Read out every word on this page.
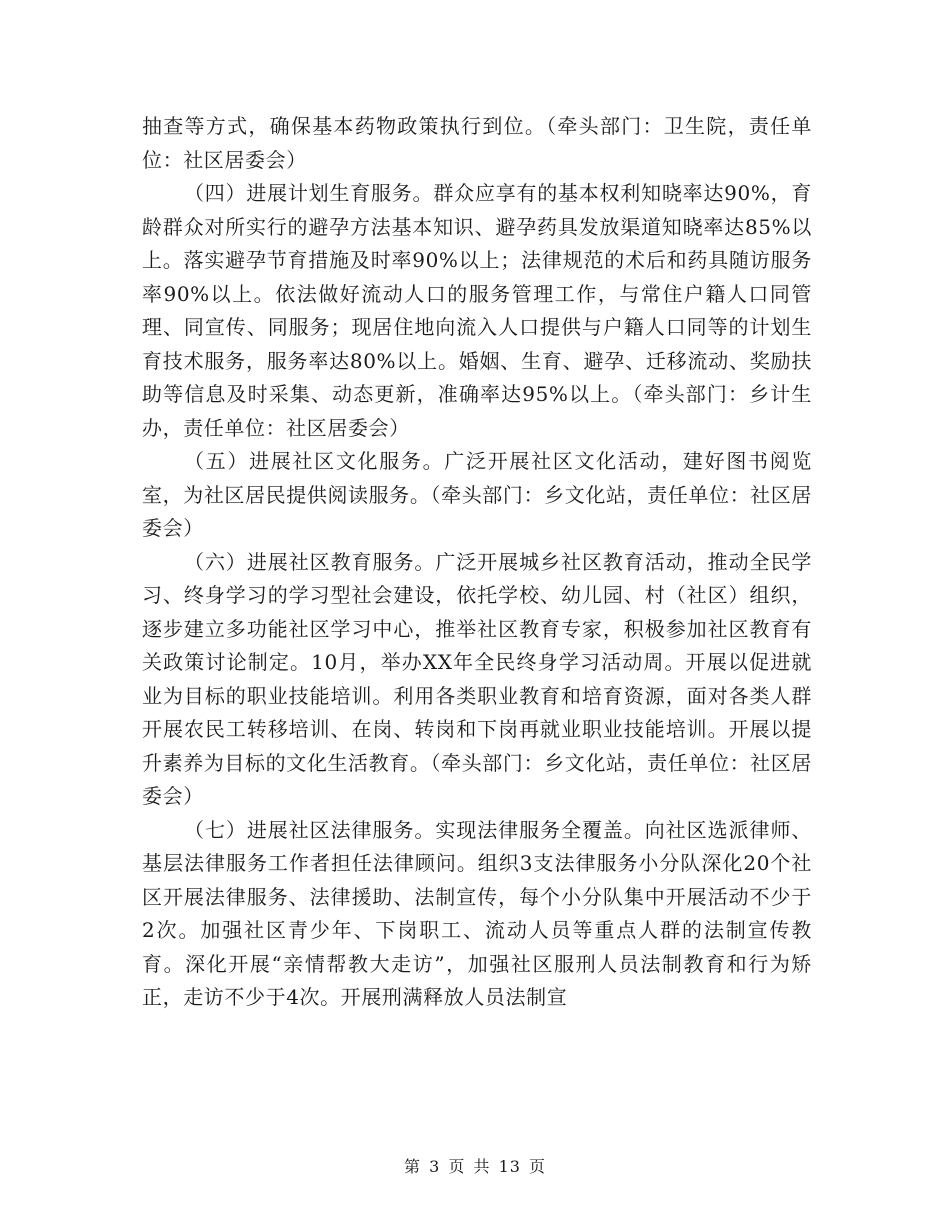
抽查等方式，确保基本药物政策执行到位。（牵头部门：卫生院，责任单位：社区居委会）

（四）进展计划生育服务。群众应享有的基本权利知晓率达90%，育龄群众对所实行的避孕方法基本知识、避孕药具发放渠道知晓率达85%以上。落实避孕节育措施及时率90%以上；法律规范的术后和药具随访服务率90%以上。依法做好流动人口的服务管理工作，与常住户籍人口同管理、同宣传、同服务；现居住地向流入人口提供与户籍人口同等的计划生育技术服务，服务率达80%以上。婚姻、生育、避孕、迁移流动、奖励扶助等信息及时采集、动态更新，准确率达95%以上。（牵头部门：乡计生办，责任单位：社区居委会）

（五）进展社区文化服务。广泛开展社区文化活动，建好图书阅览室，为社区居民提供阅读服务。（牵头部门：乡文化站，责任单位：社区居委会）

（六）进展社区教育服务。广泛开展城乡社区教育活动，推动全民学习、终身学习的学习型社会建设，依托学校、幼儿园、村（社区）组织，逐步建立多功能社区学习中心，推举社区教育专家，积极参加社区教育有关政策讨论制定。10月，举办XX年全民终身学习活动周。开展以促进就业为目标的职业技能培训。利用各类职业教育和培育资源，面对各类人群开展农民工转移培训、在岗、转岗和下岗再就业职业技能培训。开展以提升素养为目标的文化生活教育。（牵头部门：乡文化站，责任单位：社区居委会）

（七）进展社区法律服务。实现法律服务全覆盖。向社区选派律师、基层法律服务工作者担任法律顾问。组织3支法律服务小分队深化20个社区开展法律服务、法律援助、法制宣传，每个小分队集中开展活动不少于2次。加强社区青少年、下岗职工、流动人员等重点人群的法制宣传教育。深化开展“亲情帮教大走访”，加强社区服刑人员法制教育和行为矫正，走访不少于4次。开展刑满释放人员法制宣

第 3 页 共 13 页
